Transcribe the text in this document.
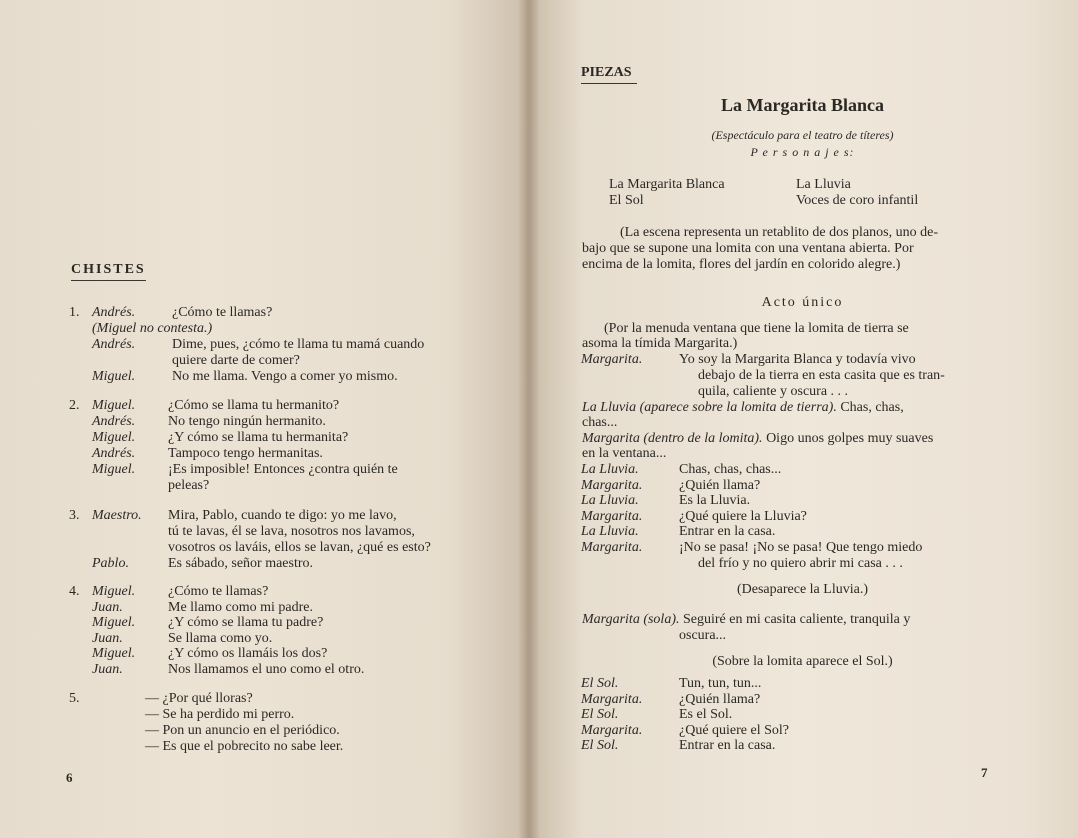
CHISTES
1. Andrés.	¿Cómo te llamas?
(Miguel no contesta.)
Andrés.	Dime, pues, ¿cómo te llama tu mamá cuando
quiere darte de comer?
Miguel.	No me llama. Vengo a comer yo mismo.
2. Miguel. ¿Cómo se llama tu hermanito?
Andrés. No tengo ningún hermanito.
Miguel. ¿Y cómo se llama tu hermanita?
Andrés. Tampoco tengo hermanitas.
Miguel. ¡Es imposible! Entonces ¿contra quién te
peleas?
3. Maestro. Mira, Pablo, cuando te digo: yo me lavo,
tú te lavas, él se lava, nosotros nos lavamos,
vosotros os laváis, ellos se lavan, ¿qué es esto?
Pablo.	Es sábado, señor maestro.
4. Miguel. ¿Cómo te llamas?
Juan.	Me llamo como mi padre.
Miguel. ¿Y cómo se llama tu padre?
Juan.	Se llama como yo.
Miguel. ¿Y cómo os llamáis los dos?
Juan.	Nos llamamos el uno como el otro.
5.	— ¿Por qué lloras?
— Se ha perdido mi perro.
— Pon un anuncio en el periódico.
— Es que el pobrecito no sabe leer.
6
PIEZAS
La Margarita Blanca
(Espectáculo para el teatro de títeres)
P e r s o n a j e s:
La Margarita Blanca
El Sol
La Lluvia
Voces de coro infantil
(La escena representa un retablito de dos planos, uno de-
bajo que se supone una lomita con una ventana abierta. Por
encima de la lomita, flores del jardín en colorido alegre.)
Acto único
(Por la menuda ventana que tiene la lomita de tierra se
asoma la tímida Margarita.)
Margarita.	Yo soy la Margarita Blanca y todavía vivo
debajo de la tierra en esta casita que es tran-
quila, caliente y oscura . . .
La Lluvia (aparece sobre la lomita de tierra). Chas, chas,
chas...
Margarita (dentro de la lomita). Oigo unos golpes muy suaves
en la ventana...
La Lluvia.	Chas, chas, chas...
Margarita.	¿Quién llama?
La Lluvia.	Es la Lluvia.
Margarita.	¿Qué quiere la Lluvia?
La Lluvia.	Entrar en la casa.
Margarita.	¡No se pasa! ¡No se pasa! Que tengo miedo
del frío y no quiero abrir mi casa . . .
(Desaparece la Lluvia.)
Margarita (sola). Seguiré en mi casita caliente, tranquila y
oscura...
(Sobre la lomita aparece el Sol.)
El Sol.	Tun, tun, tun...
Margarita.	¿Quién llama?
El Sol.	Es el Sol.
Margarita.	¿Qué quiere el Sol?
El Sol.	Entrar en la casa.
7
